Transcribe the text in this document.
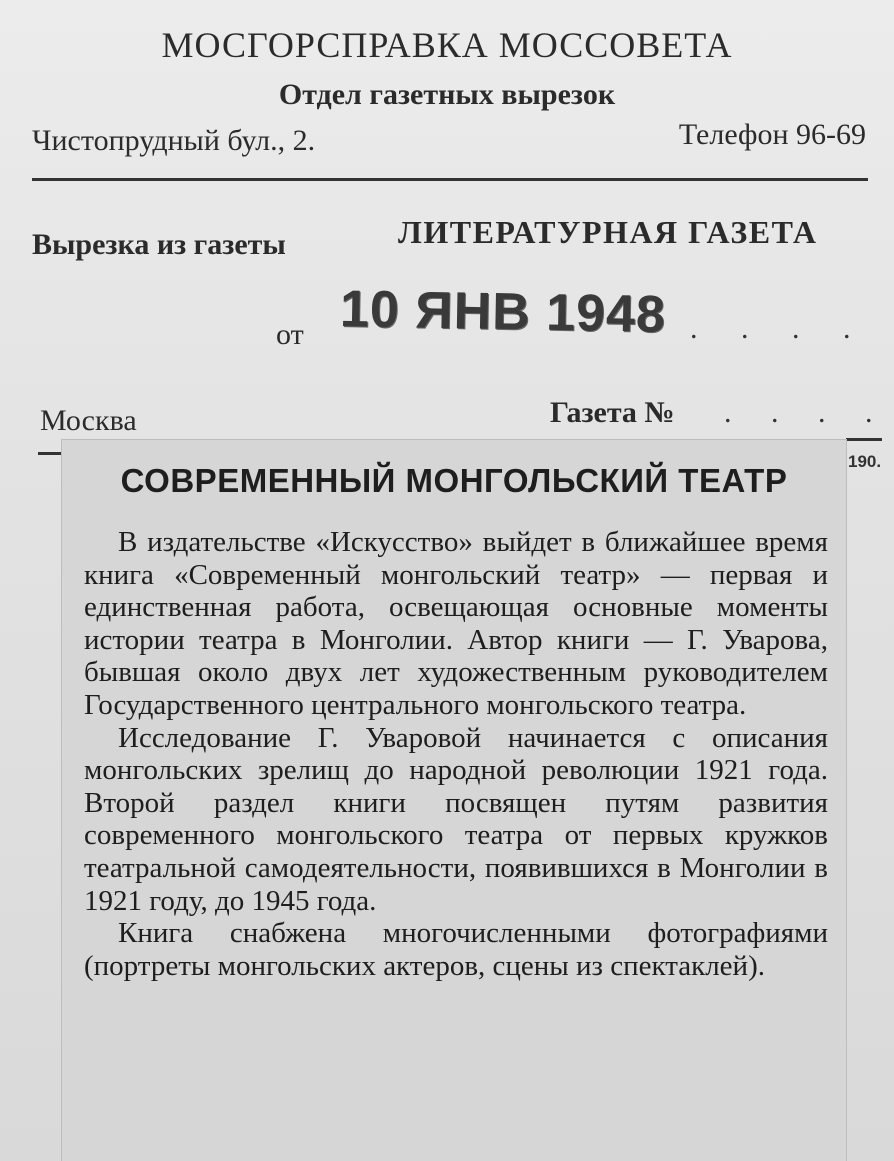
МОСГОРСПРАВКА МОССОВЕТА
Отдел газетных вырезок
Чистопрудный бул., 2.	Телефон 96-69
Вырезка из газеты	ЛИТЕРАТУРНАЯ ГАЗЕТА
от 10 ЯНВ 1948 . . . .
Москва	Газета № . . . .
190.
СОВРЕМЕННЫЙ МОНГОЛЬСКИЙ ТЕАТР

В издательстве «Искусство» выйдет в ближайшее время книга «Современный монгольский театр» — первая и единственная работа, освещающая основные моменты истории театра в Монголии. Автор книги — Г. Уварова, бывшая около двух лет художественным руководителем Государственного центрального монгольского театра.

Исследование Г. Уваровой начинается с описания монгольских зрелищ до народной революции 1921 года. Второй раздел книги посвящен путям развития современного монгольского театра от первых кружков театральной самодеятельности, появившихся в Монголии в 1921 году, до 1945 года.

Книга снабжена многочисленными фотографиями (портреты монгольских актеров, сцены из спектаклей).
